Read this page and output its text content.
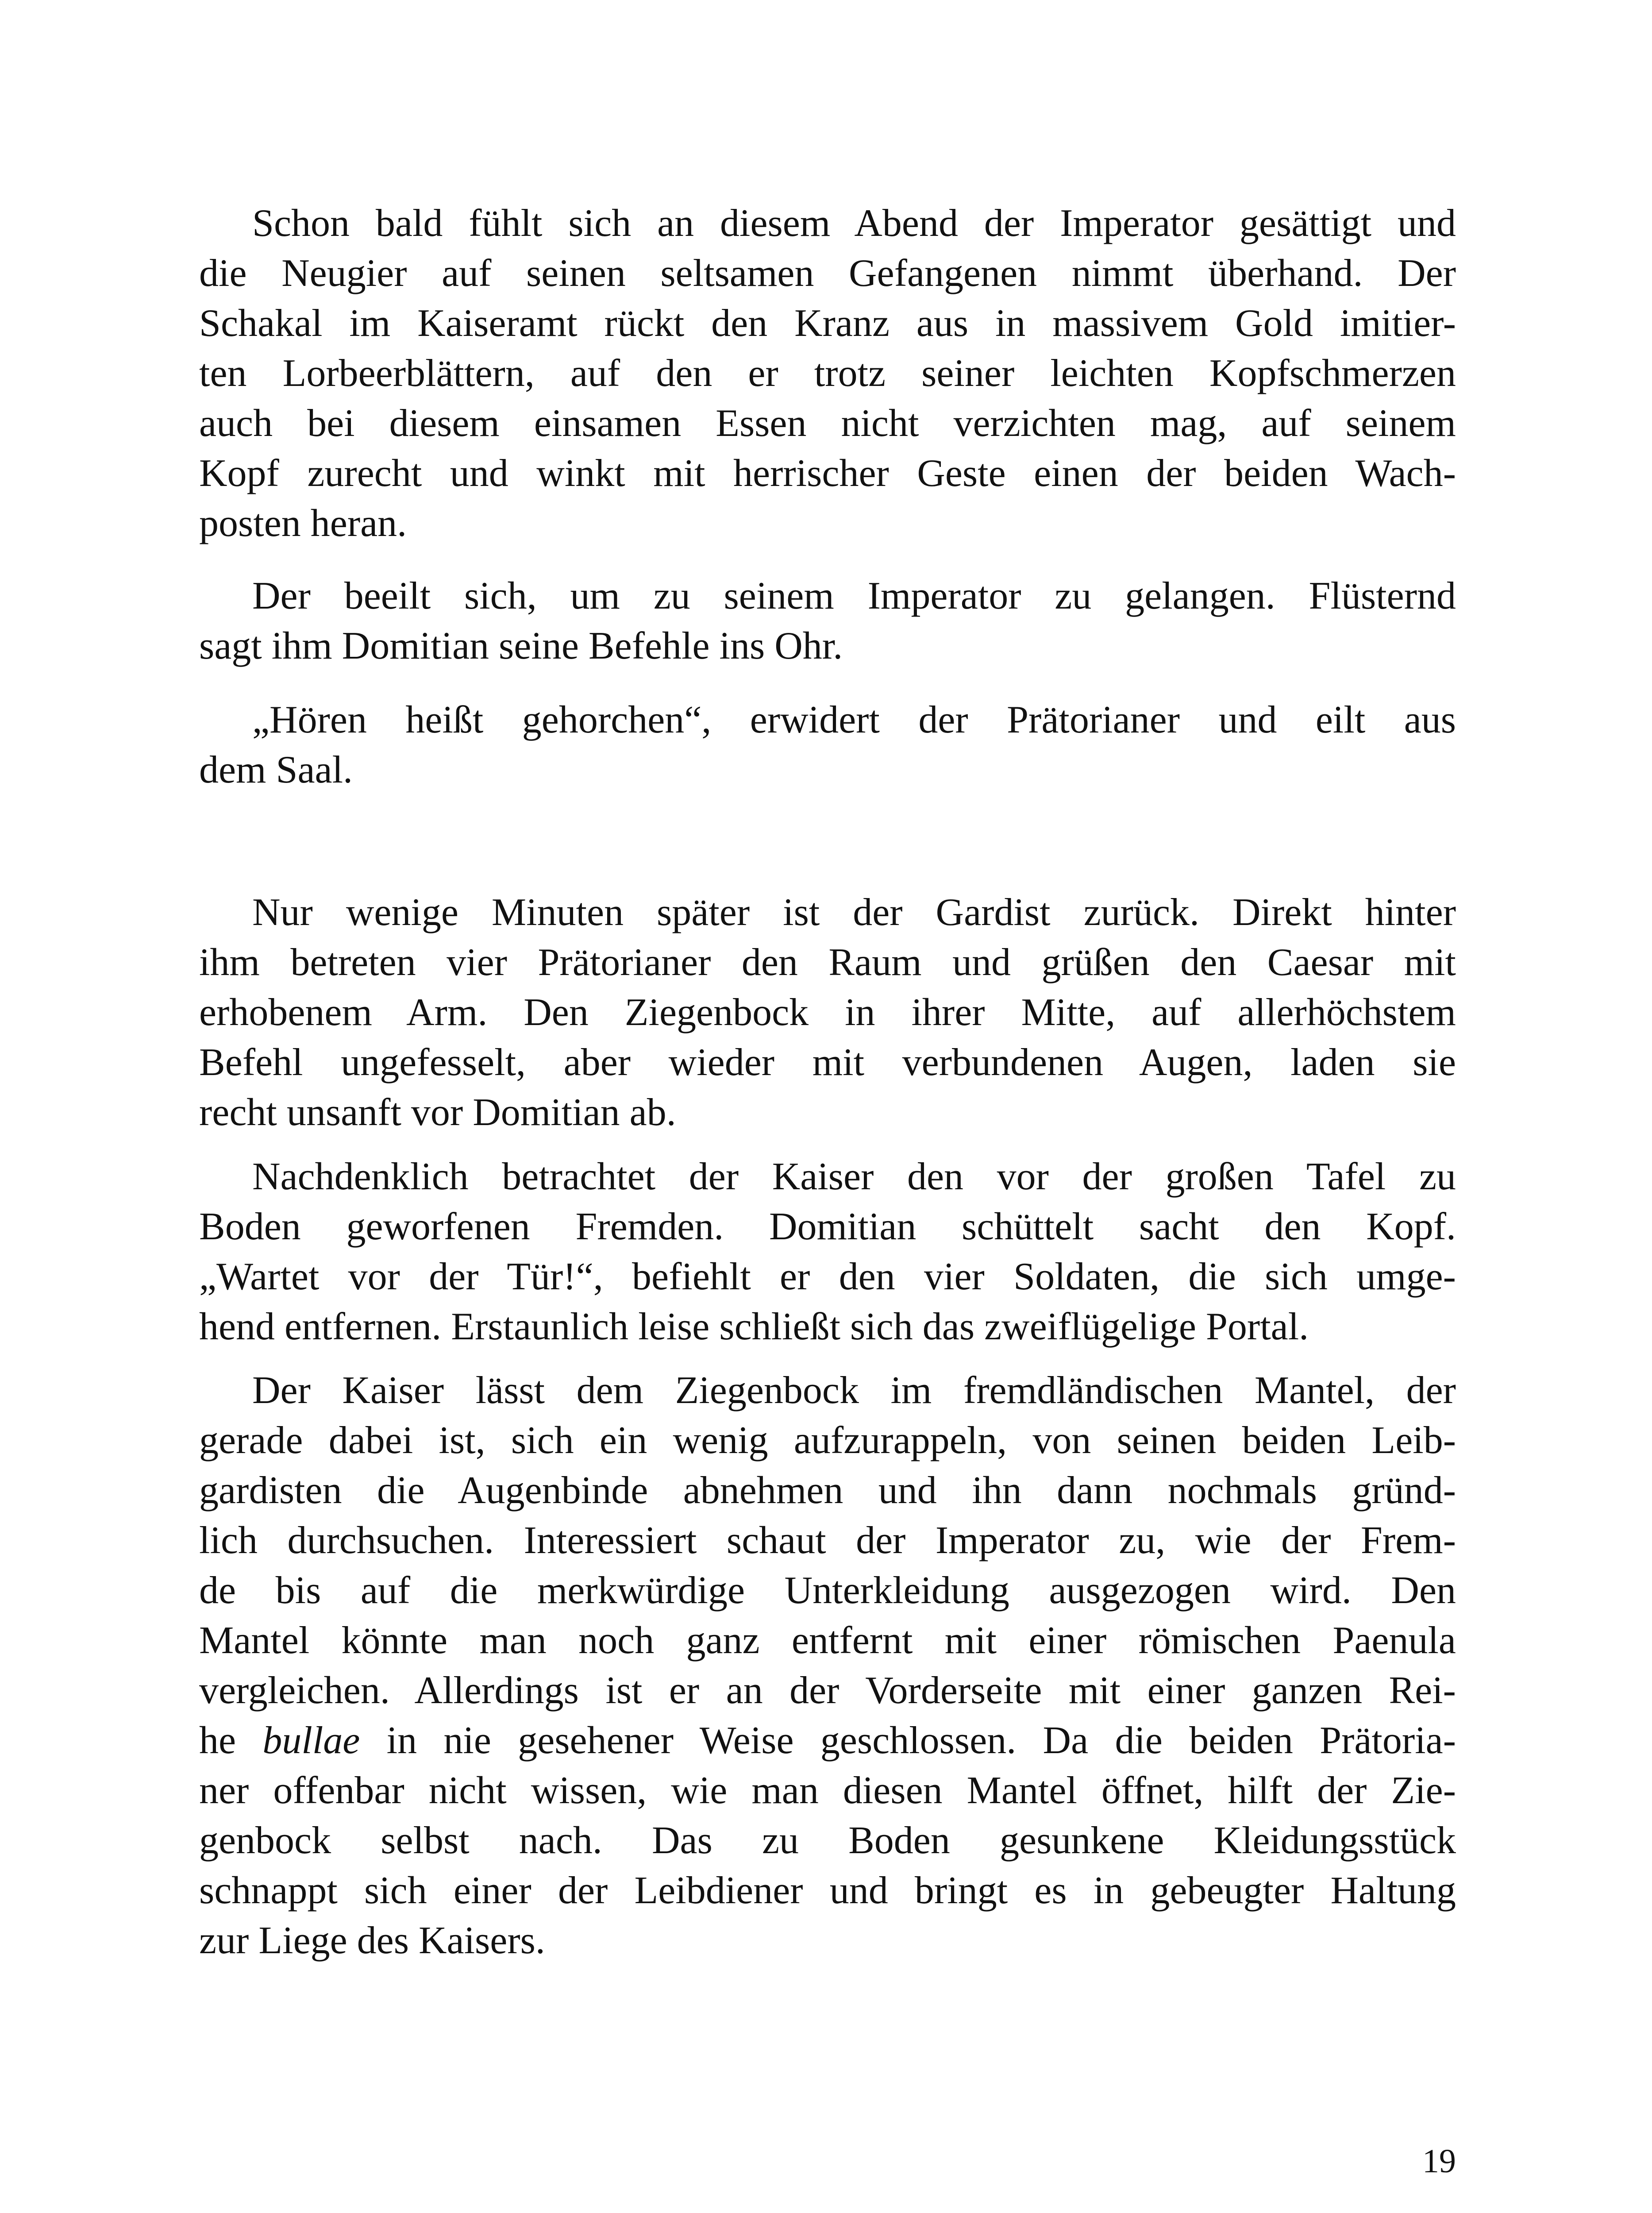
Schon bald fühlt sich an diesem Abend der Imperator gesättigt und
die Neugier auf seinen seltsamen Gefangenen nimmt überhand. Der
Schakal im Kaiseramt rückt den Kranz aus in massivem Gold imitier-
ten Lorbeerblättern, auf den er trotz seiner leichten Kopfschmerzen
auch bei diesem einsamen Essen nicht verzichten mag, auf seinem
Kopf zurecht und winkt mit herrischer Geste einen der beiden Wach-
posten heran.

Der beeilt sich, um zu seinem Imperator zu gelangen. Flüsternd
sagt ihm Domitian seine Befehle ins Ohr.

„Hören heißt gehorchen“, erwidert der Prätorianer und eilt aus
dem Saal.

Nur wenige Minuten später ist der Gardist zurück. Direkt hinter
ihm betreten vier Prätorianer den Raum und grüßen den Caesar mit
erhobenem Arm. Den Ziegenbock in ihrer Mitte, auf allerhöchstem
Befehl ungefesselt, aber wieder mit verbundenen Augen, laden sie
recht unsanft vor Domitian ab.

Nachdenklich betrachtet der Kaiser den vor der großen Tafel zu
Boden geworfenen Fremden. Domitian schüttelt sacht den Kopf.
„Wartet vor der Tür!“, befiehlt er den vier Soldaten, die sich umge-
hend entfernen. Erstaunlich leise schließt sich das zweiflügelige Portal.

Der Kaiser lässt dem Ziegenbock im fremdländischen Mantel, der
gerade dabei ist, sich ein wenig aufzurappeln, von seinen beiden Leib-
gardisten die Augenbinde abnehmen und ihn dann nochmals gründ-
lich durchsuchen. Interessiert schaut der Imperator zu, wie der Frem-
de bis auf die merkwürdige Unterkleidung ausgezogen wird. Den
Mantel könnte man noch ganz entfernt mit einer römischen Paenula
vergleichen. Allerdings ist er an der Vorderseite mit einer ganzen Rei-
he bullae in nie gesehener Weise geschlossen. Da die beiden Prätoria-
ner offenbar nicht wissen, wie man diesen Mantel öffnet, hilft der Zie-
genbock selbst nach. Das zu Boden gesunkene Kleidungsstück
schnappt sich einer der Leibdiener und bringt es in gebeugter Haltung
zur Liege des Kaisers.

19
